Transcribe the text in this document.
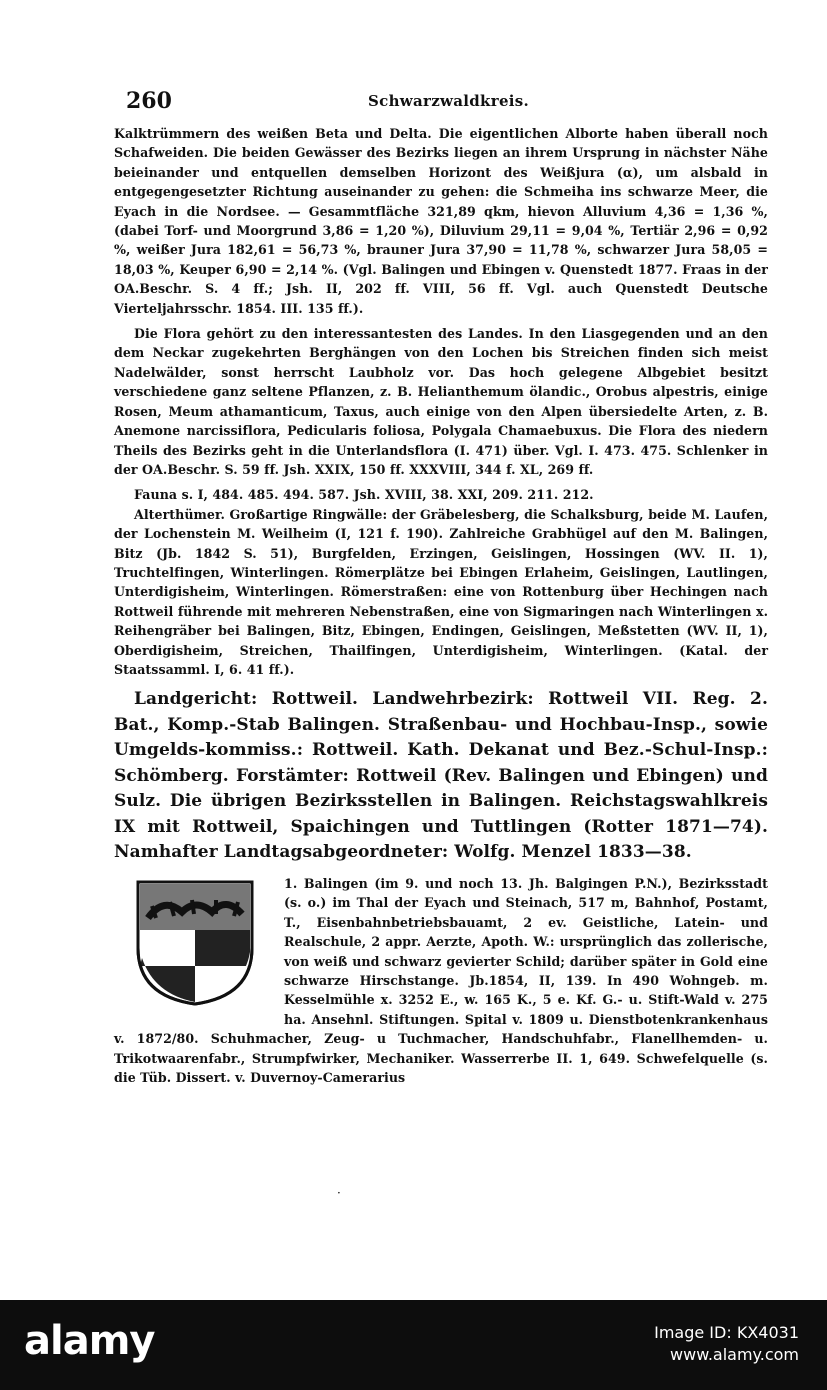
260	Schwarzwaldkreis.

Kalktrümmern des weißen Beta und Delta. Die eigentlichen Alborte haben überall noch Schafweiden. Die beiden Gewässer des Bezirks liegen an ihrem Ursprung in nächster Nähe beieinander und entquellen demselben Horizont des Weißjura (α), um alsbald in entgegengesetzter Richtung auseinander zu gehen: die Schmeiha ins schwarze Meer, die Eyach in die Nordsee. — Gesammtfläche 321,89 qkm, hievon Alluvium 4,36 = 1,36 %, (dabei Torf- und Moorgrund 3,86 = 1,20 %), Diluvium 29,11 = 9,04 %, Tertiär 2,96 = 0,92 %, weißer Jura 182,61 = 56,73 %, brauner Jura 37,90 = 11,78 %, schwarzer Jura 58,05 = 18,03 %, Keuper 6,90 = 2,14 %. (Vgl. Balingen und Ebingen v. Quenstedt 1877. Fraas in der OA.Beschr. S. 4 ff.; Jsh. II, 202 ff. VIII, 56 ff. Vgl. auch Quenstedt Deutsche Vierteljahrsschr. 1854. III. 135 ff.).

Die Flora gehört zu den interessantesten des Landes. In den Liasgegenden und an den dem Neckar zugekehrten Berghängen von den Lochen bis Streichen finden sich meist Nadelwälder, sonst herrscht Laubholz vor. Das hoch gelegene Albgebiet besitzt verschiedene ganz seltene Pflanzen, z. B. Helianthemum ölandic., Orobus alpestris, einige Rosen, Meum athamanticum, Taxus, auch einige von den Alpen übersiedelte Arten, z. B. Anemone narcissiflora, Pedicularis foliosa, Polygala Chamaebuxus. Die Flora des niedern Theils des Bezirks geht in die Unterlandsflora (I. 471) über. Vgl. I. 473. 475. Schlenker in der OA.Beschr. S. 59 ff. Jsh. XXIX, 150 ff. XXXVIII, 344 f. XL, 269 ff.

Fauna s. I, 484. 485. 494. 587. Jsh. XVIII, 38. XXI, 209. 211. 212.

Alterthümer. Großartige Ringwälle: der Gräbelesberg, die Schalksburg, beide M. Laufen, der Lochenstein M. Weilheim (I, 121 f. 190). Zahlreiche Grabhügel auf den M. Balingen, Bitz (Jb. 1842 S. 51), Burgfelden, Erzingen, Geislingen, Hossingen (WV. II. 1), Truchtelfingen, Winterlingen. Römerplätze bei Ebingen Erlaheim, Geislingen, Lautlingen, Unterdigisheim, Winterlingen. Römerstraßen: eine von Rottenburg über Hechingen nach Rottweil führende mit mehreren Nebenstraßen, eine von Sigmaringen nach Winterlingen x. Reihengräber bei Balingen, Bitz, Ebingen, Endingen, Geislingen, Meßstetten (WV. II, 1), Oberdigisheim, Streichen, Thailfingen, Unterdigisheim, Winterlingen. (Katal. der Staatssamml. I, 6. 41 ff.).

Landgericht: Rottweil. Landwehrbezirk: Rottweil VII. Reg. 2. Bat., Komp.-Stab Balingen. Straßenbau- und Hochbau-Insp., sowie Umgelds-kommiss.: Rottweil. Kath. Dekanat und Bez.-Schul-Insp.: Schömberg. Forstämter: Rottweil (Rev. Balingen und Ebingen) und Sulz. Die übrigen Bezirksstellen in Balingen. Reichstagswahlkreis IX mit Rottweil, Spaichingen und Tuttlingen (Rotter 1871—74). Namhafter Landtagsabgeordneter: Wolfg. Menzel 1833—38.

1. Balingen (im 9. und noch 13. Jh. Balgingen P.N.), Bezirksstadt (s. o.) im Thal der Eyach und Steinach, 517 m, Bahnhof, Postamt, T., Eisenbahnbetriebsbauamt, 2 ev. Geistliche, Latein- und Realschule, 2 appr. Aerzte, Apoth. W.: ursprünglich das zollerische, von weiß und schwarz gevierter Schild; darüber später in Gold eine schwarze Hirschstange. Jb.1854, II, 139. In 490 Wohngeb. m. Kesselmühle x. 3252 E., w. 165 K., 5 e. Kf. G.- u. Stift-Wald v. 275 ha. Ansehnl. Stiftungen. Spital v. 1809 u. Dienstbotenkrankenhaus v. 1872/80. Schuhmacher, Zeug- u Tuchmacher, Handschuhfabr., Flanellhemden- u. Trikotwaarenfabr., Strumpfwirker, Mechaniker. Wasserrerbe II. 1, 649. Schwefelquelle (s. die Tüb. Dissert. v. Duvernoy-Camerarius

·
alamy	Image ID: KX4031
www.alamy.com
